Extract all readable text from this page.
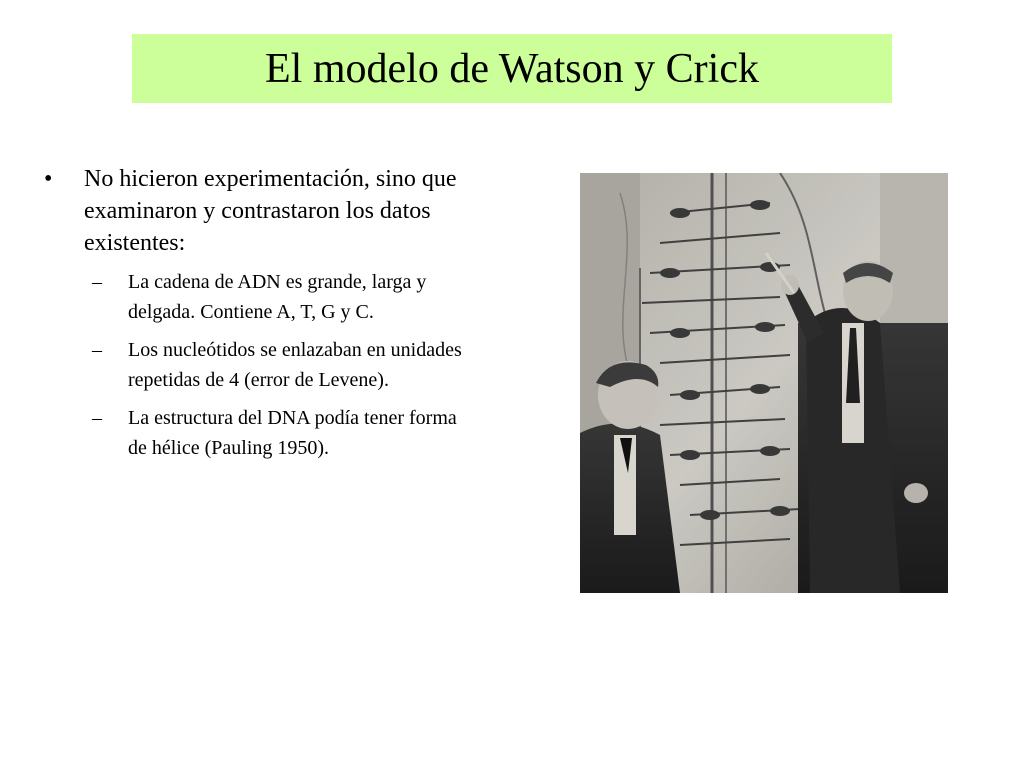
El modelo de Watson y Crick
• No hicieron experimentación, sino que examinaron y contrastaron los datos existentes:
– La cadena de ADN es grande, larga y delgada. Contiene A, T, G y C.
– Los nucleótidos se enlazaban en unidades repetidas de 4 (error de Levene).
– La estructura del DNA podía tener forma de hélice (Pauling 1950).
